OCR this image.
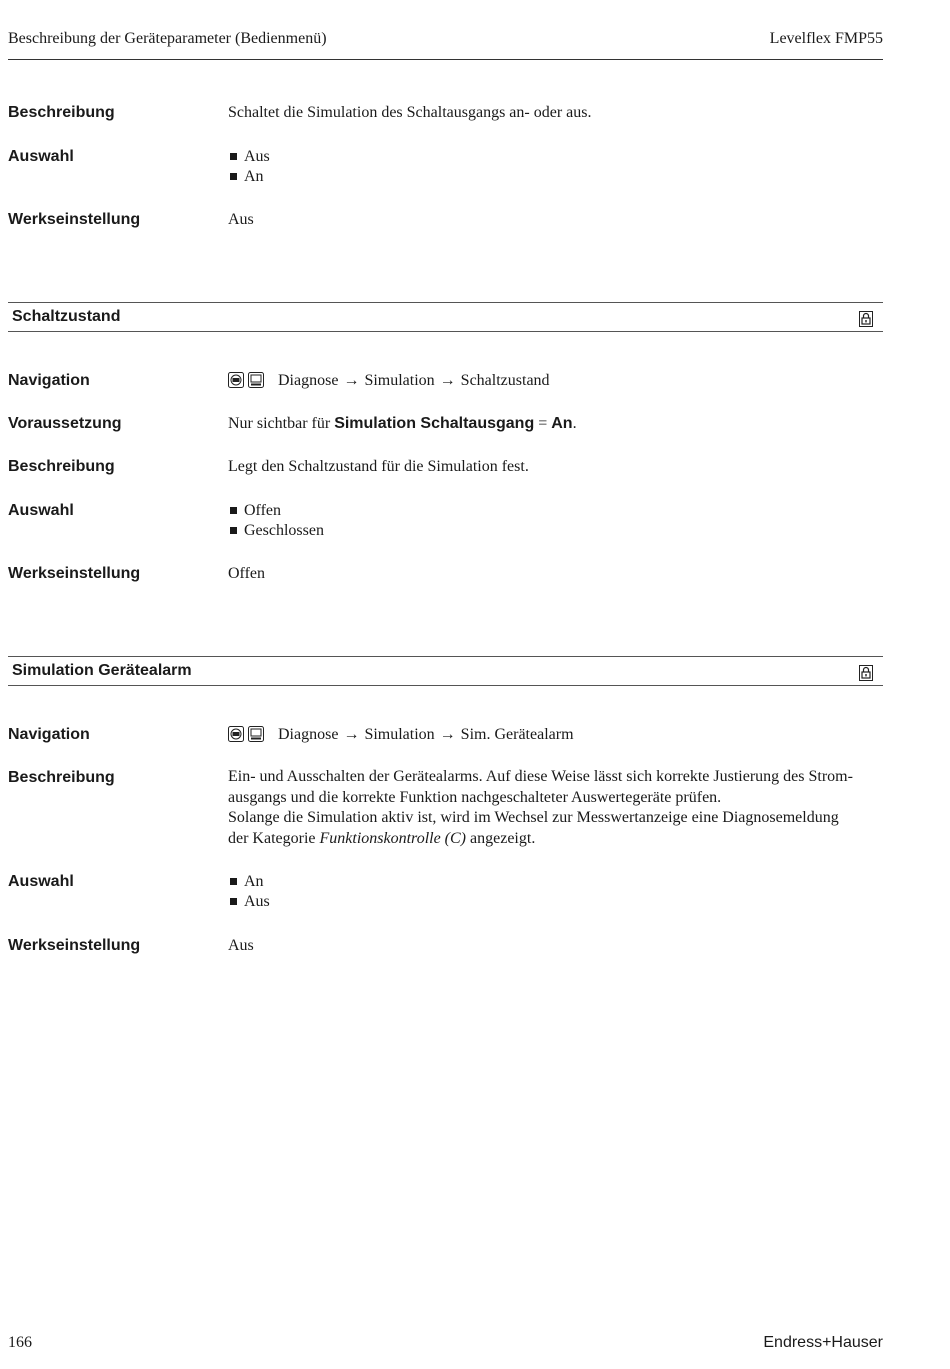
Beschreibung der Geräteparameter (Bedienmenü)	Levelflex FMP55
Beschreibung	Schaltet die Simulation des Schaltausgangs an- oder aus.
Auswahl	Aus
An
Werkseinstellung	Aus
Schaltzustand
Navigation	Diagnose → Simulation → Schaltzustand
Voraussetzung	Nur sichtbar für Simulation Schaltausgang = An.
Beschreibung	Legt den Schaltzustand für die Simulation fest.
Auswahl	Offen
Geschlossen
Werkseinstellung	Offen
Simulation Gerätealarm
Navigation	Diagnose → Simulation → Sim. Gerätealarm
Beschreibung	Ein- und Ausschalten der Gerätealarms. Auf diese Weise lässt sich korrekte Justierung des Strom-
ausgangs und die korrekte Funktion nachgeschalteter Auswertegeräte prüfen.
Solange die Simulation aktiv ist, wird im Wechsel zur Messwertanzeige eine Diagnosemeldung
der Kategorie Funktionskontrolle (C) angezeigt.
Auswahl	An
Aus
Werkseinstellung	Aus
166	Endress+Hauser
